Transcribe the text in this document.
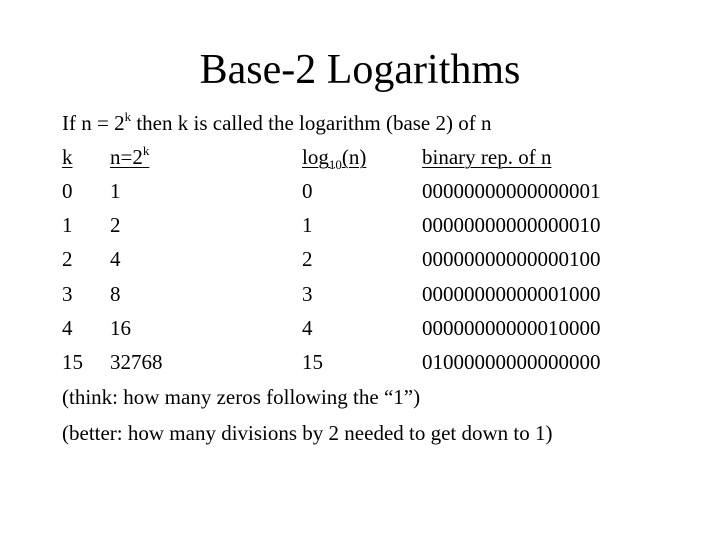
Base-2 Logarithms
If $n = 2^k$ then k is called the logarithm (base 2) of n
k $n=2^k$	$\log_{10}(n)$	binary rep. of n
0 1	0	00000000000000001
1 2	1	00000000000000010
2 4	2	00000000000000100
3 8	3	00000000000001000
4 16	4	00000000000010000
15 32768	15	01000000000000000
(think: how many zeros following the “1”)
(better: how many divisions by 2 needed to get down to 1)
